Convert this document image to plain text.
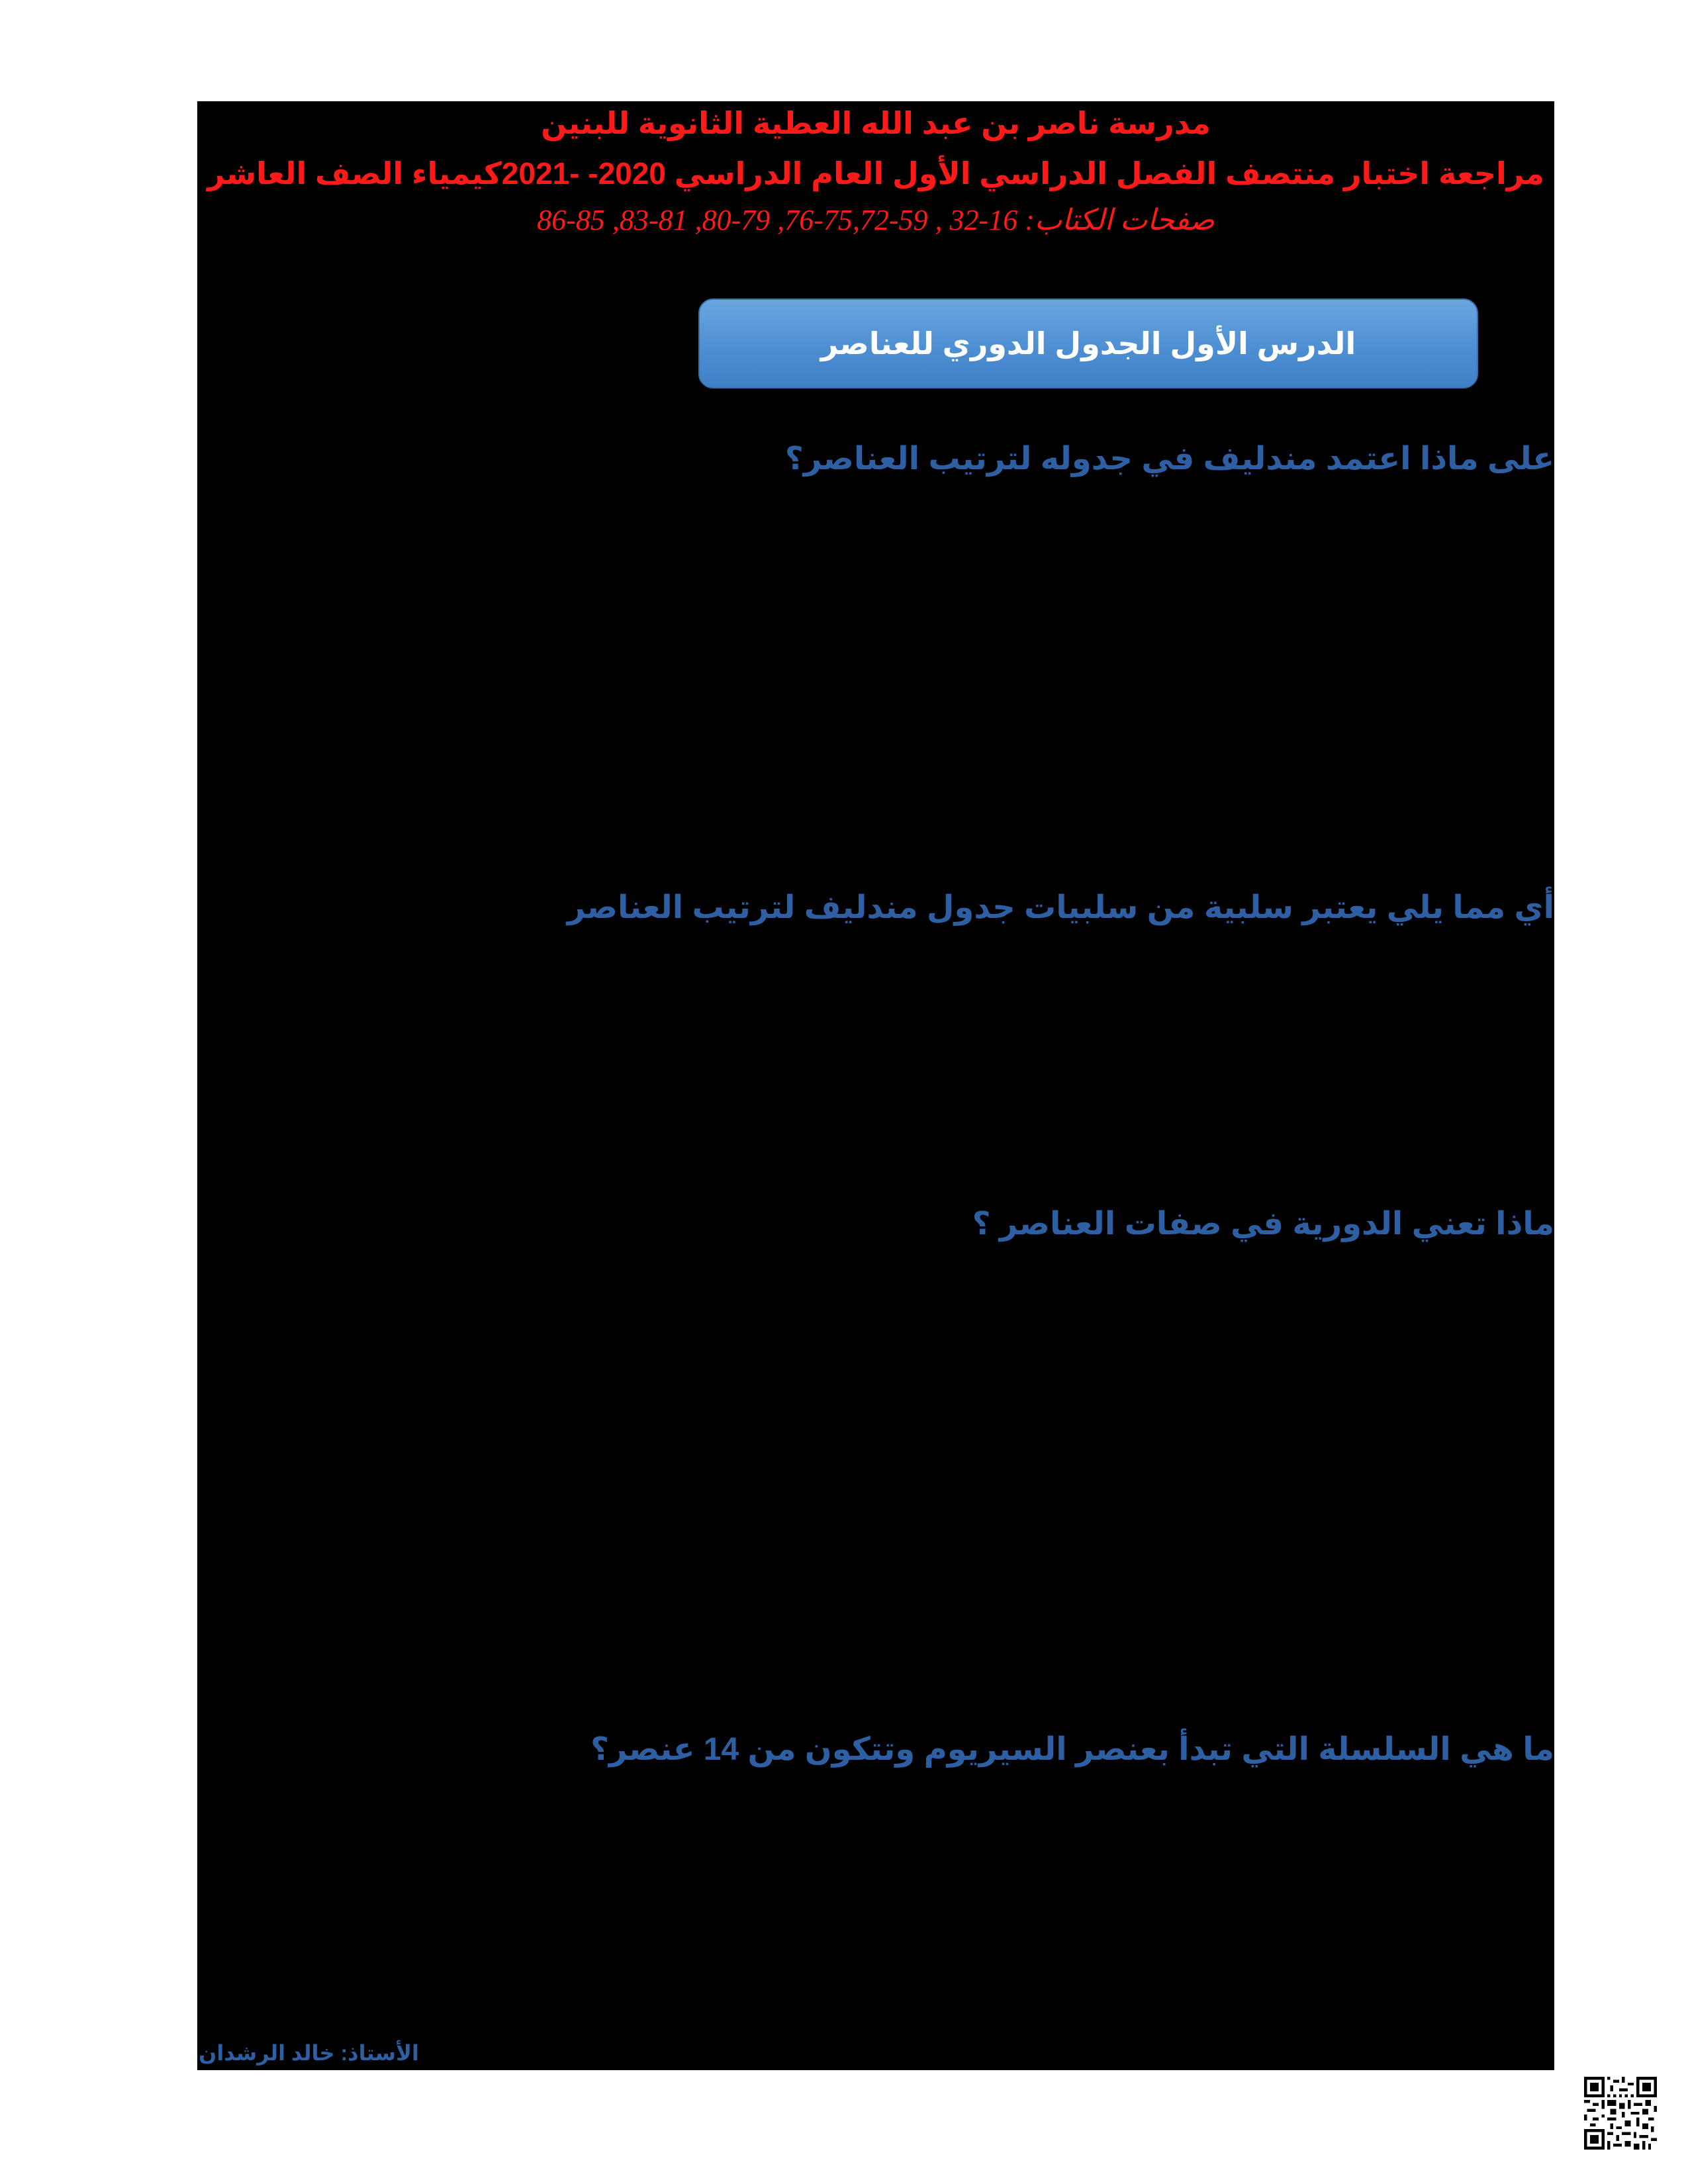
مدرسة ناصر بن عبد الله العطية الثانوية للبنين
مراجعة اختبار منتصف الفصل الدراسي الأول العام الدراسي 2020- -2021كيمياء الصف العاشر
صفحات الكتاب: 16-32 , 59-75,72-76, 79-80, 81-83, 85-86
الدرس الأول الجدول الدوري للعناصر
على ماذا اعتمد مندليف في جدوله لترتيب العناصر؟
أي مما يلي يعتبر سلبية من سلبيات جدول مندليف لترتيب العناصر
ماذا تعني الدورية في صفات العناصر ؟
ما هي السلسلة التي تبدأ بعنصر السيريوم وتتكون من 14 عنصر؟
الأستاذ: خالد الرشدان
